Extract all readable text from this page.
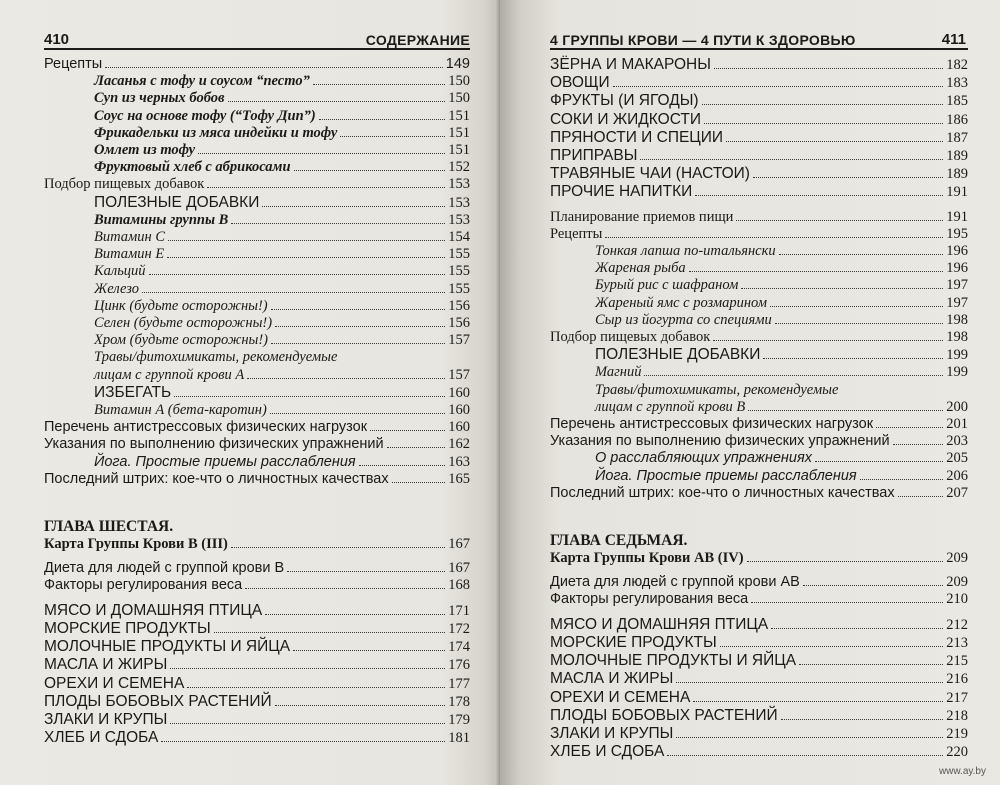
410	СОДЕРЖАНИЕ
Рецепты	149
Ласанья с тофу и соусом “песто”	150
Суп из черных бобов	150
Соус на основе тофу (“Тофу Дип”)	151
Фрикадельки из мяса индейки и тофу	151
Омлет из тофу	151
Фруктовый хлеб с абрикосами	152
Подбор пищевых добавок	153
ПОЛЕЗНЫЕ ДОБАВКИ	153
Витамины группы В	153
Витамин С	154
Витамин Е	155
Кальций	155
Железо	155
Цинк (будьте осторожны!)	156
Селен (будьте осторожны!)	156
Хром (будьте осторожны!)	157
Травы/фитохимикаты, рекомендуемые
лицам с группой крови А	157
ИЗБЕГАТЬ	160
Витамин А (бета-каротин)	160
Перечень антистрессовых физических нагрузок	160
Указания по выполнению физических упражнений	162
Йога. Простые приемы расслабления	163
Последний штрих: кое-что о личностных качествах	165
ГЛАВА ШЕСТАЯ.
Карта Группы Крови В (III)	167
Диета для людей с группой крови В	167
Факторы регулирования веса	168
МЯСО И ДОМАШНЯЯ ПТИЦА	171
МОРСКИЕ ПРОДУКТЫ	172
МОЛОЧНЫЕ ПРОДУКТЫ И ЯЙЦА	174
МАСЛА И ЖИРЫ	176
ОРЕХИ И СЕМЕНА	177
ПЛОДЫ БОБОВЫХ РАСТЕНИЙ	178
ЗЛАКИ И КРУПЫ	179
ХЛЕБ И СДОБА	181
4 ГРУППЫ КРОВИ — 4 ПУТИ К ЗДОРОВЬЮ	411
ЗЁРНА И МАКАРОНЫ	182
ОВОЩИ	183
ФРУКТЫ (И ЯГОДЫ)	185
СОКИ И ЖИДКОСТИ	186
ПРЯНОСТИ И СПЕЦИИ	187
ПРИПРАВЫ	189
ТРАВЯНЫЕ ЧАИ (НАСТОИ)	189
ПРОЧИЕ НАПИТКИ	191
Планирование приемов пищи	191
Рецепты	195
Тонкая лапша по-итальянски	196
Жареная рыба	196
Бурый рис с шафраном	197
Жареный ямс с розмарином	197
Сыр из йогурта со специями	198
Подбор пищевых добавок	198
ПОЛЕЗНЫЕ ДОБАВКИ	199
Магний	199
Травы/фитохимикаты, рекомендуемые
лицам с группой крови В	200
Перечень антистрессовых физических нагрузок	201
Указания по выполнению физических упражнений	203
О расслабляющих упражнениях	205
Йога. Простые приемы расслабления	206
Последний штрих: кое-что о личностных качествах	207
ГЛАВА СЕДЬМАЯ.
Карта Группы Крови АВ (IV)	209
Диета для людей с группой крови АВ	209
Факторы регулирования веса	210
МЯСО И ДОМАШНЯЯ ПТИЦА	212
МОРСКИЕ ПРОДУКТЫ	213
МОЛОЧНЫЕ ПРОДУКТЫ И ЯЙЦА	215
МАСЛА И ЖИРЫ	216
ОРЕХИ И СЕМЕНА	217
ПЛОДЫ БОБОВЫХ РАСТЕНИЙ	218
ЗЛАКИ И КРУПЫ	219
ХЛЕБ И СДОБА	220
www.ay.by
